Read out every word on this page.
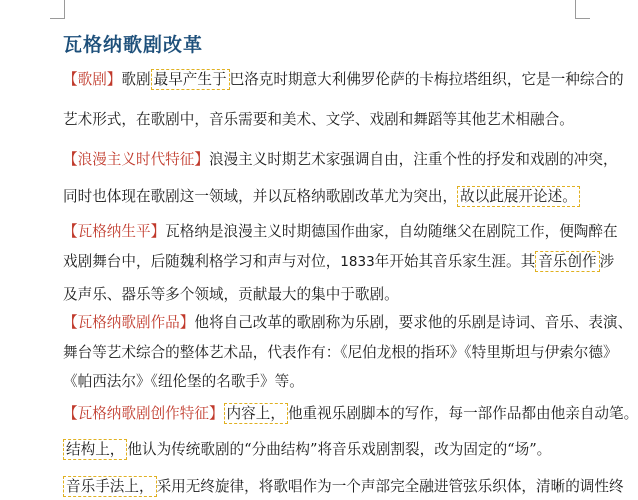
瓦格纳歌剧改革
【歌剧】歌剧 最早产生于 巴洛克时期意大利佛罗伦萨的卡梅拉塔组织，它是一种综合的
艺术形式，在歌剧中，音乐需要和美术、文学、戏剧和舞蹈等其他艺术相融合。
【浪漫主义时代特征】浪漫主义时期艺术家强调自由，注重个性的抒发和戏剧的冲突，
同时也体现在歌剧这一领域，并以瓦格纳歌剧改革尤为突出， 故以此展开论述。
【瓦格纳生平】瓦格纳是浪漫主义时期德国作曲家，自幼随继父在剧院工作，便陶醉在
戏剧舞台中，后随魏利格学习和声与对位，1833年开始其音乐家生涯。其 音乐创作 涉
及声乐、器乐等多个领域，贡献最大的集中于歌剧。
【瓦格纳歌剧作品】他将自己改革的歌剧称为乐剧，要求他的乐剧是诗词、音乐、表演、
舞台等艺术综合的整体艺术品，代表作有：《尼伯龙根的指环》《特里斯坦与伊索尔德》
《帕西法尔》《纽伦堡的名歌手》等。
【瓦格纳歌剧创作特征】 内容上， 他重视乐剧脚本的写作，每一部作品都由他亲自动笔。
结构上， 他认为传统歌剧的“分曲结构”将音乐戏剧割裂，改为固定的“场”。
音乐手法上， 采用无终旋律，将歌唱作为一个声部完全融进管弦乐织体，清晰的调性终
